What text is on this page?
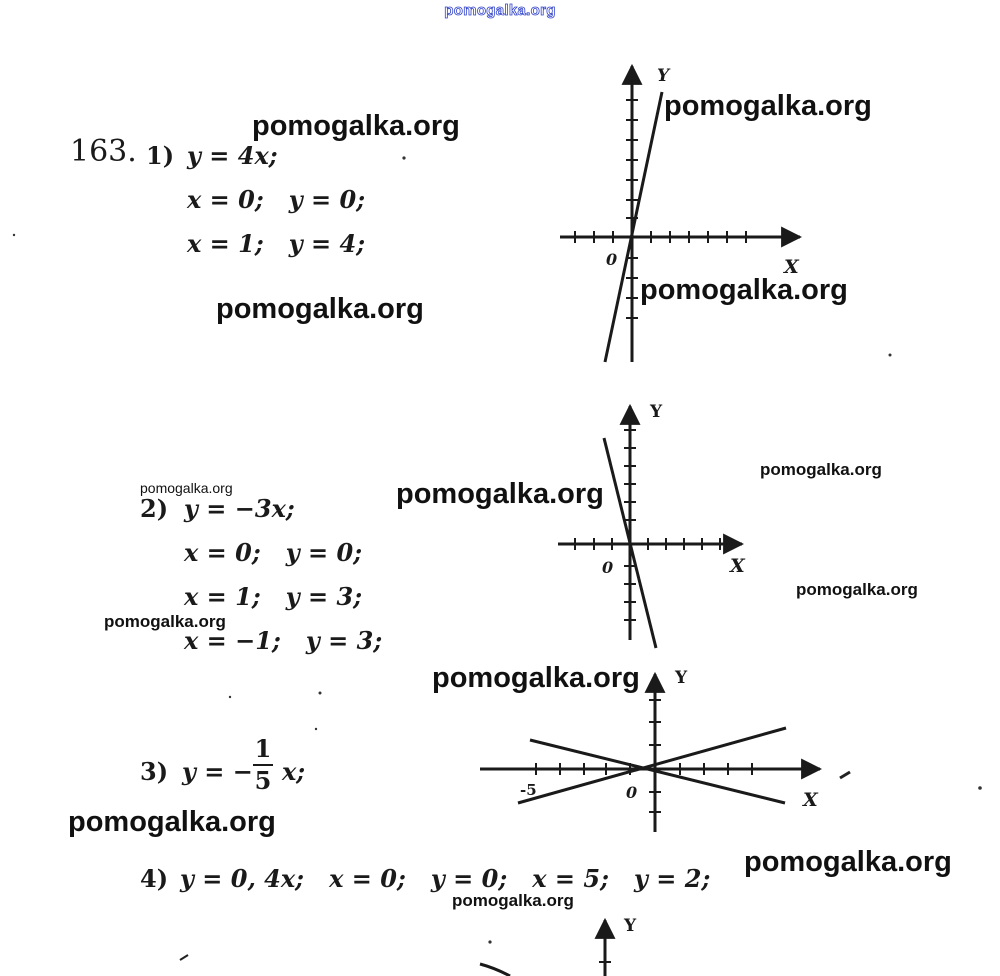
pomogalka.org
163. 1) y = 4x;
x = 0;   y = 0;
x = 1;   y = 4;
2) y = −3x;
x = 0;   y = 0;
x = 1;   y = 3;
x = −1;   y = 3;
3) y = −
1
5 x;
4) y = 0, 4x;   x = 0;   y = 0;   x = 5;   y = 2;
Y
X
0
Y
X
0
Y
X
0
-5
Y
pomogalka.org
pomogalka.org
pomogalka.org
pomogalka.org
pomogalka.org
pomogalka.org	pomogalka.org
pomogalka.org
pomogalka.org
pomogalka.org
pomogalka.org
pomogalka.org
pomogalka.org
